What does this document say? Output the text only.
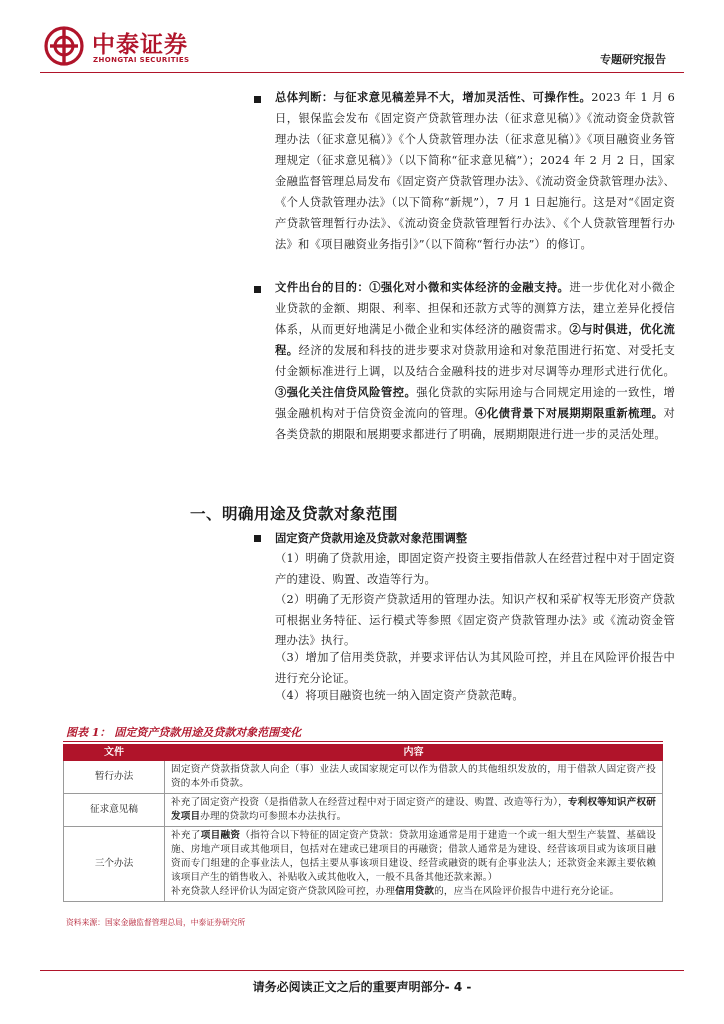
中泰证券
ZHONGTAI SECURITIES	专题研究报告
总体判断：与征求意见稿差异不大，增加灵活性、可操作性。2023 年 1 月 6 日，银保监会发布《固定资产贷款管理办法（征求意见稿）》《流动资金贷款管理办法（征求意见稿）》《个人贷款管理办法（征求意见稿）》《项目融资业务管理规定（征求意见稿）》（以下简称“征求意见稿”）；2024 年 2 月 2 日，国家金融监督管理总局发布《固定资产贷款管理办法》、《流动资金贷款管理办法》、《个人贷款管理办法》（以下简称“新规”），7 月 1 日起施行。这是对“《固定资产贷款管理暂行办法》、《流动资金贷款管理暂行办法》、《个人贷款管理暂行办法》和《项目融资业务指引》”（以下简称“暂行办法”）的修订。
文件出台的目的：①强化对小微和实体经济的金融支持。进一步优化对小微企业贷款的金额、期限、利率、担保和还款方式等的测算方法，建立差异化授信体系，从而更好地满足小微企业和实体经济的融资需求。②与时俱进，优化流程。经济的发展和科技的进步要求对贷款用途和对象范围进行拓宽、对受托支付金额标准进行上调，以及结合金融科技的进步对尽调等办理形式进行优化。③强化关注信贷风险管控。强化贷款的实际用途与合同规定用途的一致性，增强金融机构对于信贷资金流向的管理。④化债背景下对展期期限重新梳理。对各类贷款的期限和展期要求都进行了明确，展期期限进行进一步的灵活处理。
一、明确用途及贷款对象范围
固定资产贷款用途及贷款对象范围调整
（1）明确了贷款用途，即固定资产投资主要指借款人在经营过程中对于固定资产的建设、购置、改造等行为。
（2）明确了无形资产贷款适用的管理办法。知识产权和采矿权等无形资产贷款可根据业务特征、运行模式等参照《固定资产贷款管理办法》或《流动资金管理办法》执行。
（3）增加了信用类贷款，并要求评估认为其风险可控，并且在风险评价报告中进行充分论证。
（4）将项目融资也统一纳入固定资产贷款范畴。
图表 1： 固定资产贷款用途及贷款对象范围变化
文件	内容
暂行办法	固定资产贷款指贷款人向企（事）业法人或国家规定可以作为借款人的其他组织发放的，用于借款人固定资产投资的本外币贷款。
征求意见稿	补充了固定资产投资（是指借款人在经营过程中对于固定资产的建设、购置、改造等行为），专利权等知识产权研发项目办理的贷款均可参照本办法执行。
三个办法	补充了项目融资（指符合以下特征的固定资产贷款：贷款用途通常是用于建造一个或一组大型生产装置、基础设施、房地产项目或其他项目，包括对在建或已建项目的再融资；借款人通常是为建设、经营该项目或为该项目融资而专门组建的企事业法人，包括主要从事该项目建设、经营或融资的既有企事业法人；还款资金来源主要依赖该项目产生的销售收入、补贴收入或其他收入，一般不具备其他还款来源。）
补充贷款人经评价认为固定资产贷款风险可控，办理信用贷款的，应当在风险评价报告中进行充分论证。
资料来源：国家金融监督管理总局，中泰证券研究所
请务必阅读正文之后的重要声明部分- 4 -
